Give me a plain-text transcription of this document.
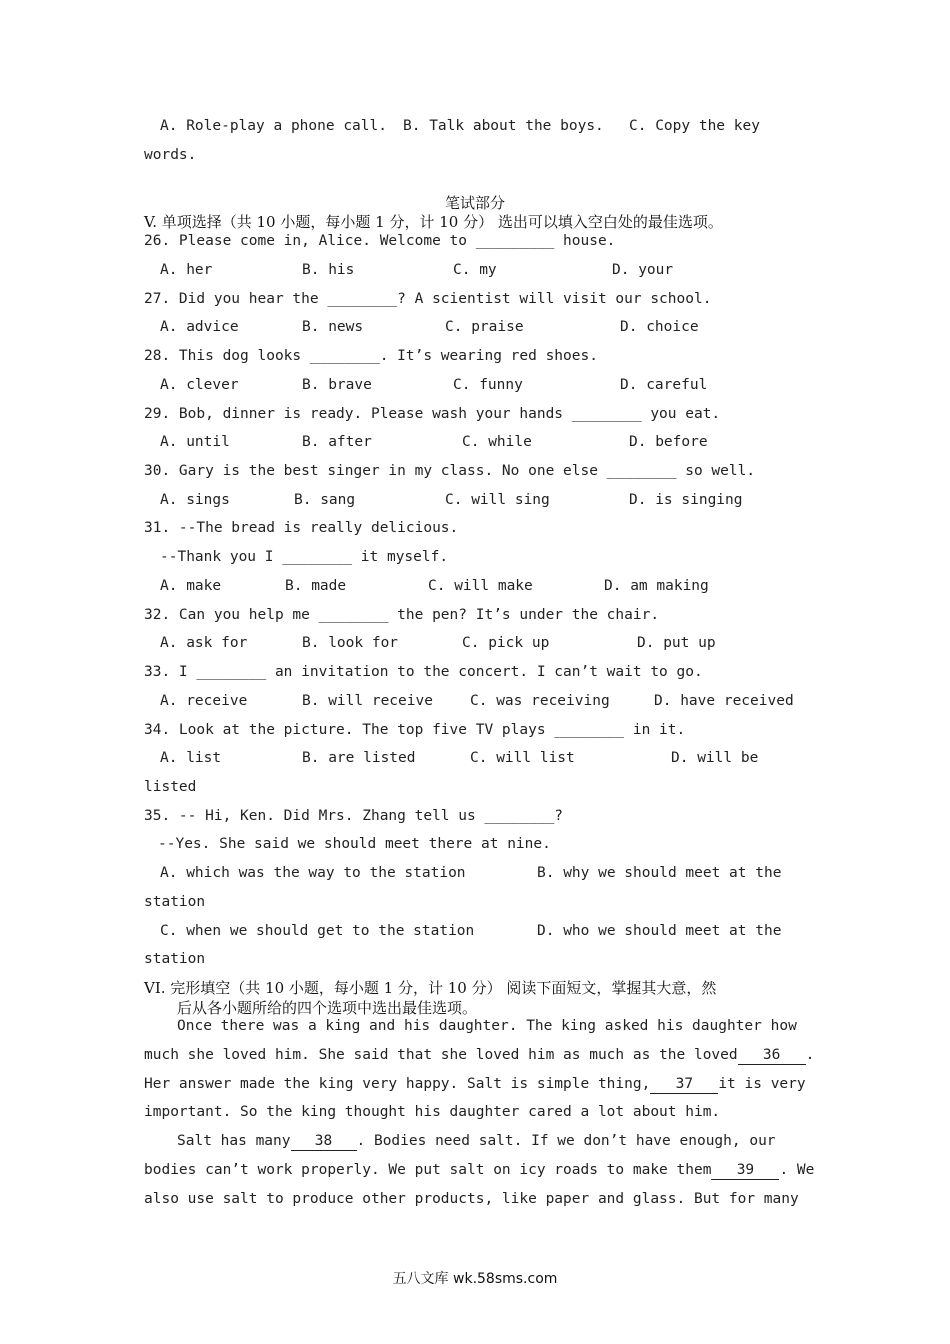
A. Role-play a phone call. B. Talk about the boys. C. Copy the key
words.
笔试部分
V. 单项选择（共 10 小题，每小题 1 分，计 10 分） 选出可以填入空白处的最佳选项。
26. Please come in, Alice. Welcome to _________ house.
A. her	B. his	C. my	D. your
27. Did you hear the ________? A scientist will visit our school.
A. advice	B. news	C. praise	D. choice
28. This dog looks ________. It’s wearing red shoes.
A. clever	B. brave	C. funny	D. careful
29. Bob, dinner is ready. Please wash your hands ________ you eat.
A. until	B. after	C. while	D. before
30. Gary is the best singer in my class. No one else ________ so well.
A. sings	B. sang	C. will sing	D. is singing
31. --The bread is really delicious.
--Thank you I ________ it myself.
A. make	B. made	C. will make	D. am making
32. Can you help me ________ the pen? It’s under the chair.
A. ask for	B. look for	C. pick up	D. put up
33. I ________ an invitation to the concert. I can’t wait to go.
A. receive	B. will receive	C. was receiving	D. have received
34. Look at the picture. The top five TV plays ________ in it.
A. list	B. are listed	C. will list	D. will be
listed
35. -- Hi, Ken. Did Mrs. Zhang tell us ________?
--Yes. She said we should meet there at nine.
A. which was the way to the station	B. why we should meet at the
station
C. when we should get to the station	D. who we should meet at the
station
VI. 完形填空（共 10 小题，每小题 1 分，计 10 分） 阅读下面短文，掌握其大意，然
后从各小题所给的四个选项中选出最佳选项。
Once there was a king and his daughter. The king asked his daughter how
much she loved him. She said that she loved him as much as the loved 36 .
Her answer made the king very happy. Salt is simple thing, 37 it is very
important. So the king thought his daughter cared a lot about him.
Salt has many 38 . Bodies need salt. If we don’t have enough, our
bodies can’t work properly. We put salt on icy roads to make them 39 . We
also use salt to produce other products, like paper and glass. But for many
五八文库 wk.58sms.com
